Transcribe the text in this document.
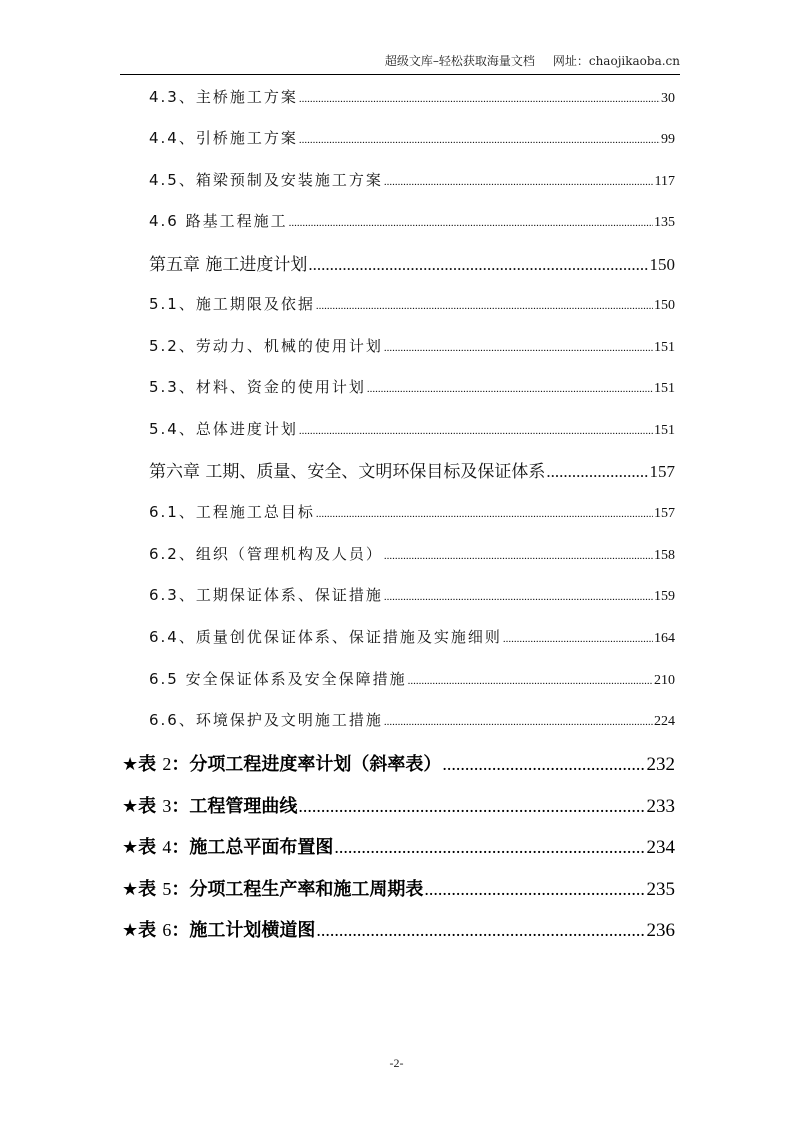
超级文库–轻松获取海量文档 网址：chaojikaoba.cn
4.3、主桥施工方案 .....	30
4.4、引桥施工方案 .....	99
4.5、箱梁预制及安装施工方案 .....	117
4.6 路基工程施工 .....	135
第五章 施工进度计划 .....	150
5.1、施工期限及依据 .....	150
5.2、劳动力、机械的使用计划 .....	151
5.3、材料、资金的使用计划 .....	151
5.4、总体进度计划 .....	151
第六章 工期、质量、安全、文明环保目标及保证体系 .....	157
6.1、工程施工总目标 .....	157
6.2、组织（管理机构及人员） .....	158
6.3、工期保证体系、保证措施 .....	159
6.4、质量创优保证体系、保证措施及实施细则 .....	164
6.5 安全保证体系及安全保障措施 .....	210
6.6、环境保护及文明施工措施 .....	224
★表 2：分项工程进度率计划（斜率表） .....	232
★表 3：工程管理曲线 .....	233
★表 4：施工总平面布置图 .....	234
★表 5：分项工程生产率和施工周期表 .....	235
★表 6：施工计划横道图 .....	236
-2-
